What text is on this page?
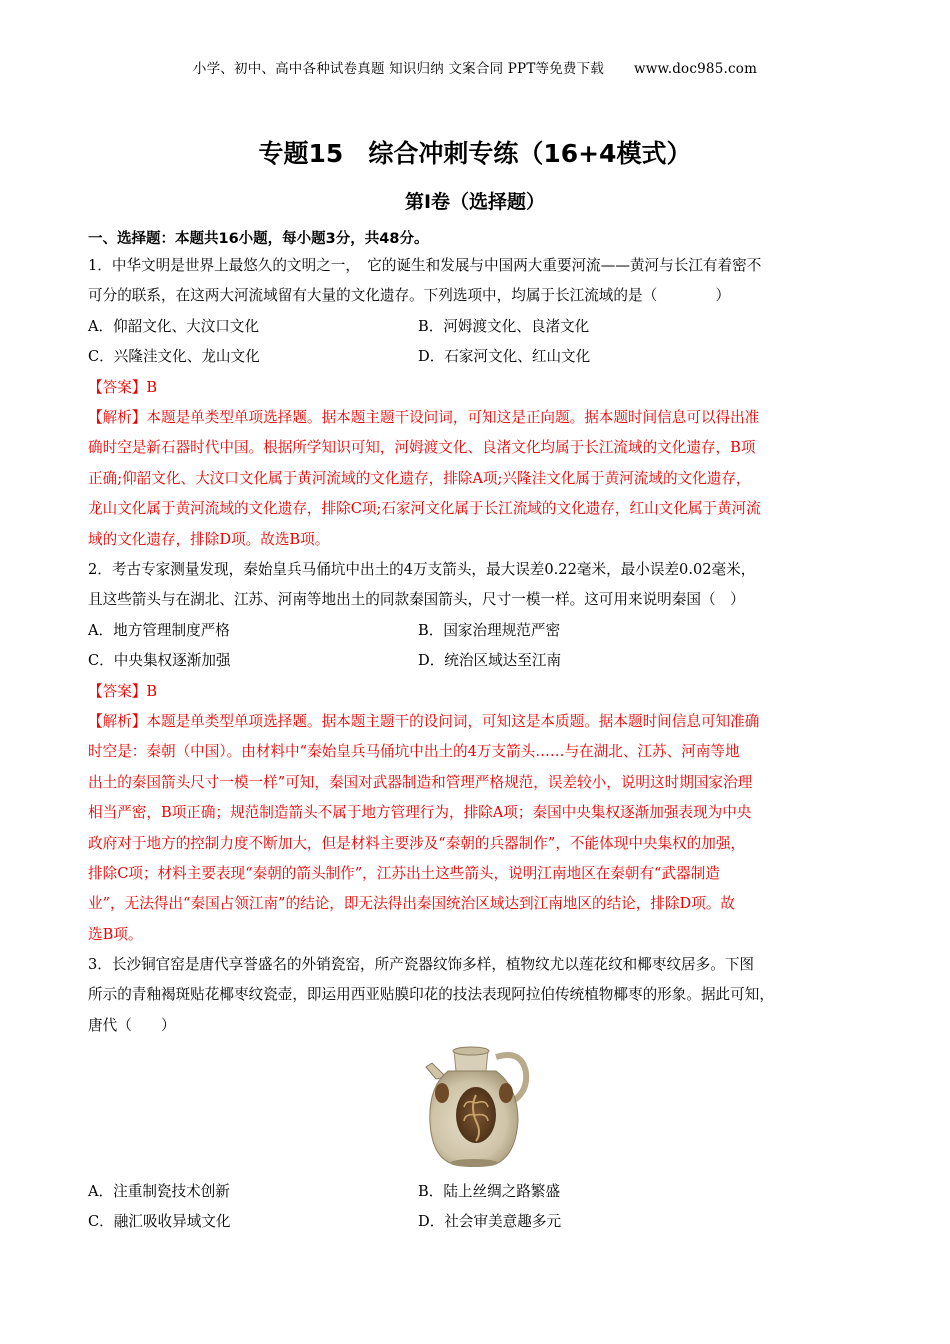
小学、初中、高中各种试卷真题 知识归纳 文案合同 PPT等免费下载 www.doc985.com
专题15　综合冲刺专练（16+4模式）
第Ⅰ卷（选择题）
一、选择题：本题共16小题，每小题3分，共48分。
1．中华文明是世界上最悠久的文明之一，　它的诞生和发展与中国两大重要河流——黄河与长江有着密不
可分的联系，在这两大河流域留有大量的文化遗存。下列选项中，均属于长江流域的是（　　　　）
A．仰韶文化、大汶口文化	B．河姆渡文化、良渚文化
C．兴隆洼文化、龙山文化	D．石家河文化、红山文化
【答案】B
【解析】本题是单类型单项选择题。据本题主题干设问词，可知这是正向题。据本题时间信息可以得出准
确时空是新石器时代中国。根据所学知识可知，河姆渡文化、良渚文化均属于长江流域的文化遗存，B项
正确;仰韶文化、大汶口文化属于黄河流域的文化遗存，排除A项;兴隆洼文化属于黄河流域的文化遗存，
龙山文化属于黄河流域的文化遗存，排除C项;石家河文化属于长江流域的文化遗存，红山文化属于黄河流
域的文化遗存，排除D项。故选B项。
2．考古专家测量发现，秦始皇兵马俑坑中出土的4万支箭头，最大误差0.22毫米，最小误差0.02毫米，
且这些箭头与在湖北、江苏、河南等地出土的同款秦国箭头，尺寸一模一样。这可用来说明秦国（　）
A．地方管理制度严格	B．国家治理规范严密
C．中央集权逐渐加强	D．统治区域达至江南
【答案】B
【解析】本题是单类型单项选择题。据本题主题干的设问词，可知这是本质题。据本题时间信息可知准确
时空是：秦朝（中国）。由材料中“秦始皇兵马俑坑中出土的4万支箭头……与在湖北、江苏、河南等地
出土的秦国箭头尺寸一模一样”可知，秦国对武器制造和管理严格规范，误差较小，说明这时期国家治理
相当严密，B项正确；规范制造箭头不属于地方管理行为，排除A项；秦国中央集权逐渐加强表现为中央
政府对于地方的控制力度不断加大，但是材料主要涉及“秦朝的兵器制作”，不能体现中央集权的加强，
排除C项；材料主要表现“秦朝的箭头制作”，江苏出土这些箭头，说明江南地区在秦朝有“武器制造
业”，无法得出“秦国占领江南”的结论，即无法得出秦国统治区域达到江南地区的结论，排除D项。故
选B项。
3．长沙铜官窑是唐代享誉盛名的外销瓷窑，所产瓷器纹饰多样，植物纹尤以莲花纹和椰枣纹居多。下图
所示的青釉褐斑贴花椰枣纹瓷壶，即运用西亚贴膜印花的技法表现阿拉伯传统植物椰枣的形象。据此可知，
唐代（　　）
A．注重制瓷技术创新	B．陆上丝绸之路繁盛
C．融汇吸收异域文化	D．社会审美意趣多元
